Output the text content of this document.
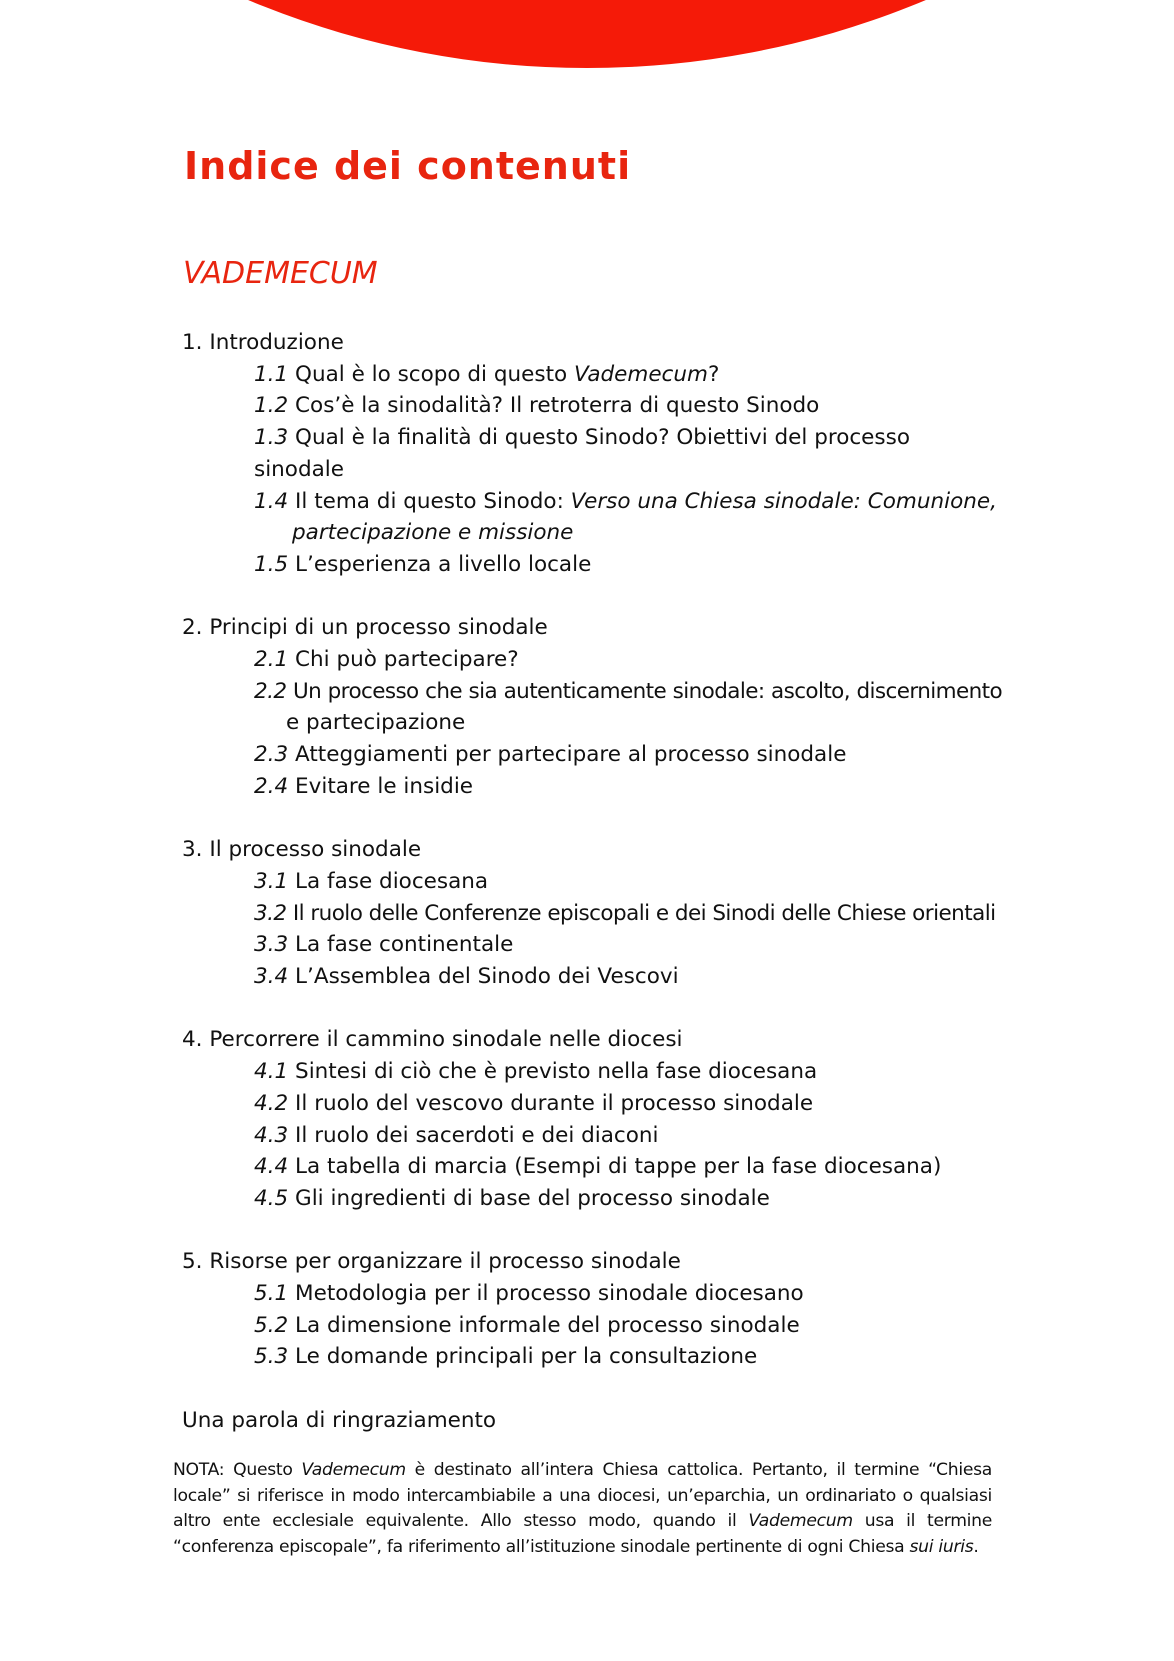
Indice dei contenuti
VADEMECUM
1. Introduzione
1.1 Qual è lo scopo di questo Vademecum?
1.2 Cos’è la sinodalità? Il retroterra di questo Sinodo
1.3 Qual è la finalità di questo Sinodo? Obiettivi del processo sinodale
1.4 Il tema di questo Sinodo: Verso una Chiesa sinodale: Comunione,
partecipazione e missione
1.5 L’esperienza a livello locale
2. Principi di un processo sinodale
2.1 Chi può partecipare?
2.2 Un processo che sia autenticamente sinodale: ascolto, discernimento
e partecipazione
2.3 Atteggiamenti per partecipare al processo sinodale
2.4 Evitare le insidie
3. Il processo sinodale
3.1 La fase diocesana
3.2 Il ruolo delle Conferenze episcopali e dei Sinodi delle Chiese orientali
3.3 La fase continentale
3.4 L’Assemblea del Sinodo dei Vescovi
4. Percorrere il cammino sinodale nelle diocesi
4.1 Sintesi di ciò che è previsto nella fase diocesana
4.2 Il ruolo del vescovo durante il processo sinodale
4.3 Il ruolo dei sacerdoti e dei diaconi
4.4 La tabella di marcia (Esempi di tappe per la fase diocesana)
4.5 Gli ingredienti di base del processo sinodale
5. Risorse per organizzare il processo sinodale
5.1 Metodologia per il processo sinodale diocesano
5.2 La dimensione informale del processo sinodale
5.3 Le domande principali per la consultazione
Una parola di ringraziamento
NOTA: Questo Vademecum è destinato all’intera Chiesa cattolica. Pertanto, il termine “Chiesa
locale” si riferisce in modo intercambiabile a una diocesi, un’eparchia, un ordinariato o qualsiasi
altro ente ecclesiale equivalente. Allo stesso modo, quando il Vademecum usa il termine
“conferenza episcopale”, fa riferimento all’istituzione sinodale pertinente di ogni Chiesa sui iuris.
